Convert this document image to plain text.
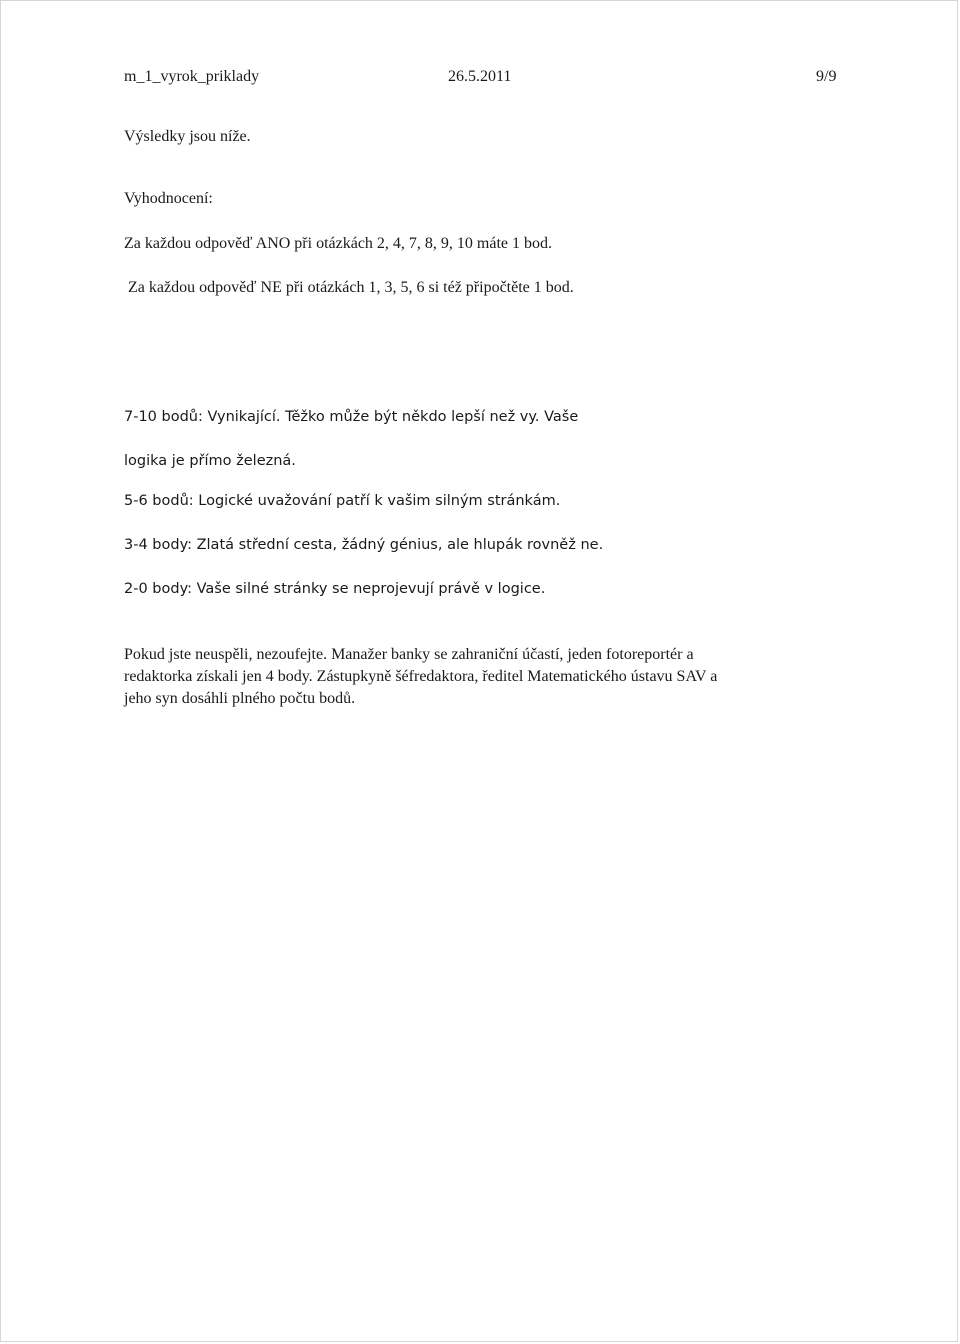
m_1_vyrok_priklady	26.5.2011	9/9
Výsledky jsou níže.
Vyhodnocení:
Za každou odpověď ANO při otázkách 2, 4, 7, 8, 9, 10 máte 1 bod.
Za každou odpověď NE při otázkách 1, 3, 5, 6 si též připočtěte 1 bod.
7-10 bodů: Vynikající. Těžko může být někdo lepší než vy. Vaše
logika je přímo železná.
5-6 bodů: Logické uvažování patří k vašim silným stránkám.
3-4 body: Zlatá střední cesta, žádný génius, ale hlupák rovněž ne.
2-0 body: Vaše silné stránky se neprojevují právě v logice.
Pokud jste neuspěli, nezoufejte. Manažer banky se zahraniční účastí, jeden fotoreportér a
redaktorka získali jen 4 body. Zástupkyně šéfredaktora, ředitel Matematického ústavu SAV a
jeho syn dosáhli plného počtu bodů.
